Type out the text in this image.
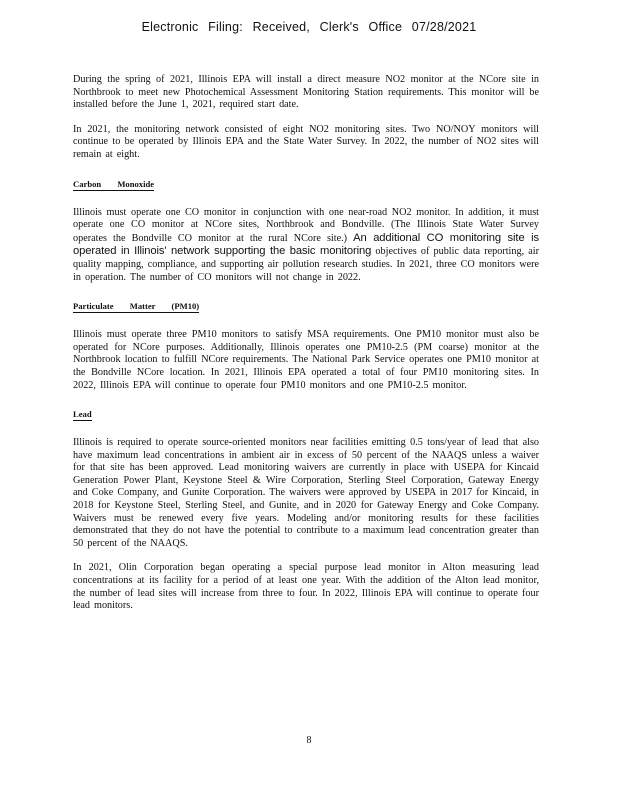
Electronic Filing: Received, Clerk's Office 07/28/2021

During the spring of 2021, Illinois EPA will install a direct measure NO2 monitor at the NCore site in Northbrook to meet new Photochemical Assessment Monitoring Station requirements. This monitor will be installed before the June 1, 2021, required start date.

In 2021, the monitoring network consisted of eight NO2 monitoring sites. Two NO/NOY monitors will continue to be operated by Illinois EPA and the State Water Survey. In 2022, the number of NO2 sites will remain at eight.

Carbon Monoxide

Illinois must operate one CO monitor in conjunction with one near-road NO2 monitor. In addition, it must operate one CO monitor at NCore sites, Northbrook and Bondville. (The Illinois State Water Survey operates the Bondville CO monitor at the rural NCore site.) An additional CO monitoring site is operated in Illinois' network supporting the basic monitoring objectives of public data reporting, air quality mapping, compliance, and supporting air pollution research studies. In 2021, three CO monitors were in operation. The number of CO monitors will not change in 2022.

Particulate Matter (PM10)

Illinois must operate three PM10 monitors to satisfy MSA requirements. One PM10 monitor must also be operated for NCore purposes. Additionally, Illinois operates one PM10-2.5 (PM coarse) monitor at the Northbrook location to fulfill NCore requirements. The National Park Service operates one PM10 monitor at the Bondville NCore location. In 2021, Illinois EPA operated a total of four PM10 monitoring sites. In 2022, Illinois EPA will continue to operate four PM10 monitors and one PM10-2.5 monitor.

Lead

Illinois is required to operate source-oriented monitors near facilities emitting 0.5 tons/year of lead that also have maximum lead concentrations in ambient air in excess of 50 percent of the NAAQS unless a waiver for that site has been approved. Lead monitoring waivers are currently in place with USEPA for Kincaid Generation Power Plant, Keystone Steel & Wire Corporation, Sterling Steel Corporation, Gateway Energy and Coke Company, and Gunite Corporation. The waivers were approved by USEPA in 2017 for Kincaid, in 2018 for Keystone Steel, Sterling Steel, and Gunite, and in 2020 for Gateway Energy and Coke Company. Waivers must be renewed every five years. Modeling and/or monitoring results for these facilities demonstrated that they do not have the potential to contribute to a maximum lead concentration greater than 50 percent of the NAAQS.

In 2021, Olin Corporation began operating a special purpose lead monitor in Alton measuring lead concentrations at its facility for a period of at least one year. With the addition of the Alton lead monitor, the number of lead sites will increase from three to four. In 2022, Illinois EPA will continue to operate four lead monitors.

8
